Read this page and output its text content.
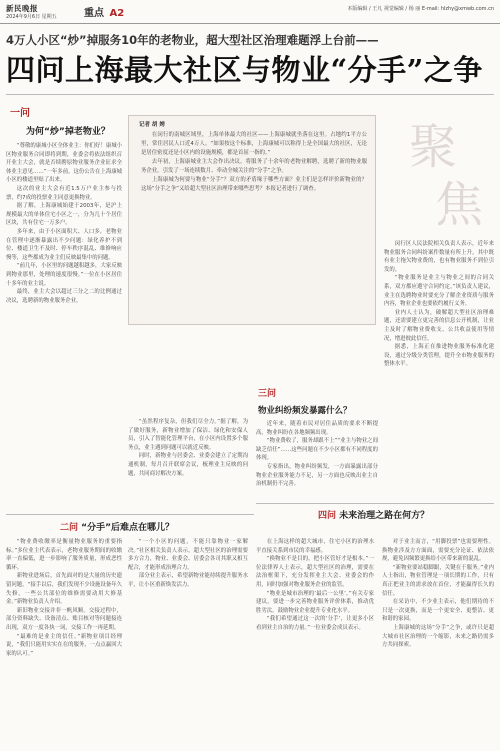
新民晚报
2024年9月6日 星期五	重点 A2	本版编辑 / 王凡 视觉编辑 / 杨 丽 E-mail: hlzhy@xmwb.com.cn
4万人小区“炒”掉服务10年的老物业，超大型社区治理难题浮上台前——
四问上海最大社区与物业“分手”之争
一问
为何“炒”掉老物业？

“尊敬的康城小区全体业主：你们好！康城小区物业服务合同即将到期，业委会将依法组织召开业主大会，就是否续聘原物业服务企业征求全体业主意见……”一年多前，这份公告在上海康城小区的楼道里贴了出来。

这次的业主大会有近1.5万户业主参与投票，约7成的投票业主同意更换物业。

据了解，上海康城始建于2003年，是沪上规模最大的单体住宅小区之一，分为几十个居住区块，共有住宅一万多户。

多年来，由于小区面积大、人口多，老物业在管理中逐渐暴露出不少问题：绿化养护不到位、楼道卫生不及时、停车秩序混乱、维修响应慢等，这些都成为业主们反映最集中的问题。

“前几年，小区里的问题越积越多，大家反映到物业那里，处理的速度很慢。”一位在小区居住十多年的业主说。

最终，业主大会以超过三分之二的比例通过决议，选聘新的物业服务企业。

记者 胡 娉

在闵行的南城区域里，上海单体最大的社区——上海康城就坐落在这里。占地约1平方公里，常住居民人口近4万人。“如果按这个标准，上海康城可以称得上是全国最大的社区，无论是居住密度还是小区内的设施规模，都是首屈一指的。”

去年初，上海康城业主大会作出决议，将服务了十余年的老物业解聘，选聘了新的物业服务企业，引发了一场连续数月、牵动全城关注的“分手”之争。

上海康城为何要与物业“分手”？双方的矛盾缘于哪些方面？业主们是怎样评价新物业的？这场“分手之争”又给超大型社区治理带来哪些思考？本报记者进行了调查。

聚
焦

闵行区人民法院相关负责人表示，近年来物业服务合同纠纷案件数量有所上升，其中既有业主拖欠物业费的，也有物业服务不到位引发的。

“物业服务是业主与物业之间的合同关系，双方都应遵守合同约定。”该负责人建议，业主在选聘物业时要充分了解企业资质与服务内容，物业企业也要依约履行义务。

业内人士认为，破解超大型社区治理难题，还需要建立更完善的信息公开机制，让业主及时了解物业费收支、公共收益使用等情况，增进彼此信任。

据悉，上海正在推进物业服务标准化建设，通过分级分类管理，提升全市物业服务的整体水平。

二问 “分手”后难点在哪儿？

“物业费收缴率是衡量物业服务的重要指标。”多位业主代表表示，老物业服务期间的收缴率一直偏低，进一步影响了服务质量，形成恶性循环。

新物业进场后，首先面对的是大量的历史遗留问题。“接手以后，我们发现不少设施设备年久失修，一些公共部位的维修需要动用大修基金。”新物业负责人介绍。

新旧物业交接并非一帆风顺。交接过程中，部分资料缺失、设备清点、账目核对等问题接连出现，双方一度各执一词，交接工作一再延期。

“最难的是业主的信任。”新物业项目经理说，“我们只能用实实在在的服务，一点点赢回大家的认可。”

“虽然程序复杂，但我们尽全力。”据了解，为了做好服务，新物业增加了保洁、绿化和安保人员，引入了智能化管理平台，在小区内设置多个服务点，业主遇到问题可以就近反映。

同时，新物业与居委会、业委会建立了定期沟通机制，每月召开联席会议，梳理业主反映的问题，共同商讨解决方案。

“一个小区的问题，不能只靠物业一家解决。”社区相关负责人表示，超大型社区的治理需要多方合力，物业、业委会、居委会各司其职又相互配合，才能形成治理合力。

部分业主表示，希望新物业能持续提升服务水平，让小区重新焕发活力。

三问
物业纠纷频发暴露什么？

近年来，随着市民对居住品质的要求不断提高，物业纠纷在各地频频出现。

“物业费收了，服务却跟不上”“业主与物业之间缺乏信任”……这些问题在不少小区都有不同程度的体现。

专家指出，物业纠纷频发，一方面暴露出部分物业企业服务能力不足，另一方面也反映出业主自治机制仍不完善。

四问 未来治理之路在何方？

在上海这样的超大城市，住宅小区的治理水平直接关系到市民的幸福感。

“换物业不是目的，把小区管好才是根本。”一位法律界人士表示，超大型社区的治理，需要在法治框架下，充分发挥业主大会、业委会的作用，同时加强对物业服务企业的监管。

“物业是城市治理的‘最后一公里’。”有关专家建议，要进一步完善物业服务评价体系，推动优胜劣汰，鼓励物业企业提升专业化水平。

“我们希望通过这一次的‘分手’，让更多小区看到业主自治的力量。”一位业委会成员表示。

对于业主而言，“用脚投票”也需要理性。换物业涉及方方面面，需要充分论证、依法依规，避免因频繁更换给小区带来新的混乱。

“新物业要站稳脚跟，关键在于服务。”业内人士指出，物业管理是一项长期的工作，只有真正把业主的需求放在首位，才能赢得长久的信任。

在采访中，不少业主表示，他们期待的不只是一次更换，而是一个更安全、更整洁、更和谐的家园。

上海康城的这场“分手”之争，或许只是超大城市社区治理的一个缩影，未来之路仍需多方共同探索。
